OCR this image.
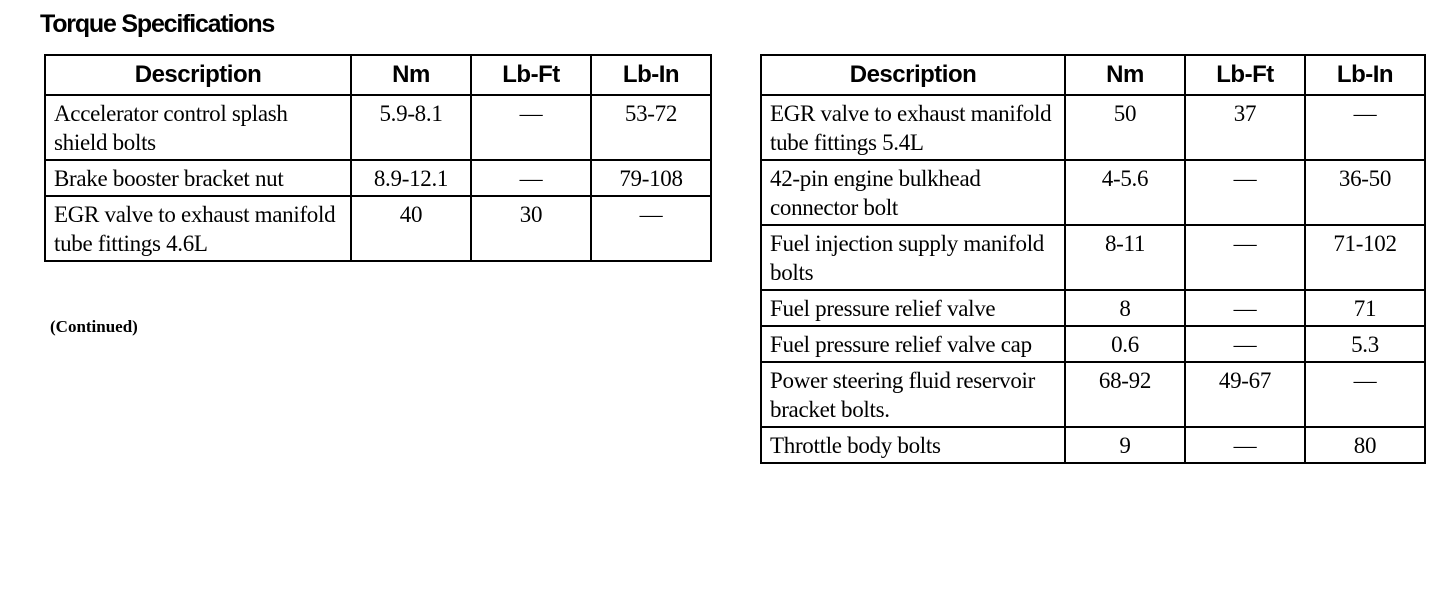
Torque Specifications
Description	Nm	Lb-Ft	Lb-In
Accelerator control splash shield bolts	5.9-8.1	—	53-72
Brake booster bracket nut	8.9-12.1	—	79-108
EGR valve to exhaust manifold tube fittings 4.6L	40	30	—
(Continued)
Description	Nm	Lb-Ft	Lb-In
EGR valve to exhaust manifold tube fittings 5.4L	50	37	—
42-pin engine bulkhead connector bolt	4-5.6	—	36-50
Fuel injection supply manifold bolts	8-11	—	71-102
Fuel pressure relief valve	8	—	71
Fuel pressure relief valve cap	0.6	—	5.3
Power steering fluid reservoir bracket bolts.	68-92	49-67	—
Throttle body bolts	9	—	80
